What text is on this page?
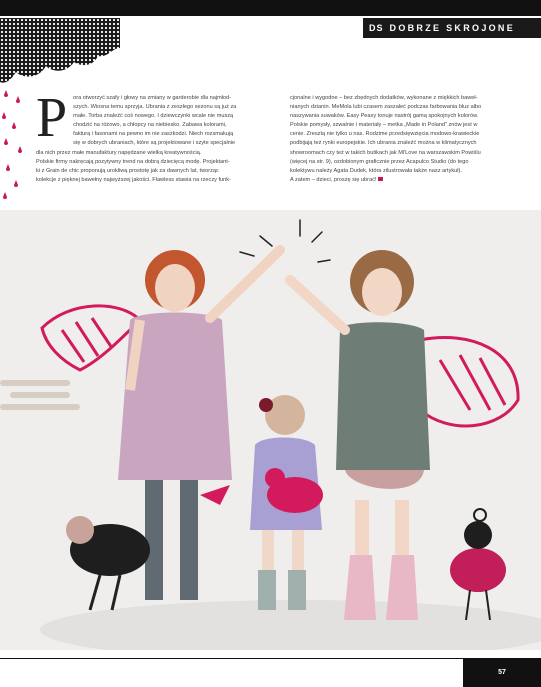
DS DOBRZE SKROJONE
P	ora otworzyć szafy i głowy na zmiany w garderobie dla najmłod-
szych. Wiosna temu sprzyja. Ubrania z zeszłego sezonu są już za
małe. Torba znaleźć coś nowego. I dziewczynki wcale nie muszą
chodzić na różowo, a chłopcy na niebiesko. Zabawa kolorami,
fakturą i fasonami na pewno im nie zaszkodzi. Niech rozsmakują
się w dobrych ubraniach, które są projektowane i szyte specjalnie
dla nich przez małe manufaktury napędzane wielką kreatywnością.
Polskie firmy nakręcają pozytywny trend na dobrą dziecięcą modę. Projektant-
ki z Grain de chic proponują urokliwą prostotę jak za dawnych lat, tworząc
kolekcje z pięknej bawełny najwyższej jakości. Flawless stawia na rzeczy funk-
cjonalne i wygodne – bez zbędnych dodatków, wykonane z miękkich baweł-
nianych dzianin. MeMola lubi czasem zaszaleć podczas farbowania bluz albo
naszywania suwaków. Easy Peasy tonuje nastrój gamą spokojnych kolorów.
Polskie pomysły, szwalnie i materiały – metka „Made in Poland” znów jest w
cenie. Zresztą nie tylko u nas. Rodzime przedsięwzięcia modowo-krawieckie
podbijają też rynki europejskie. Ich ubrania znaleźć można w klimatycznych
showroomach czy też w takich butikach jak Mi'Love na warszawskim Powiślu
(więcej na str. 9), ozdobionym graficznie przez Acapulco Studio (do tego
kolektywu należy Agata Dudek, która zilustrowała także nasz artykuł).
A zatem – dzieci, proszę się ubrać!
57
